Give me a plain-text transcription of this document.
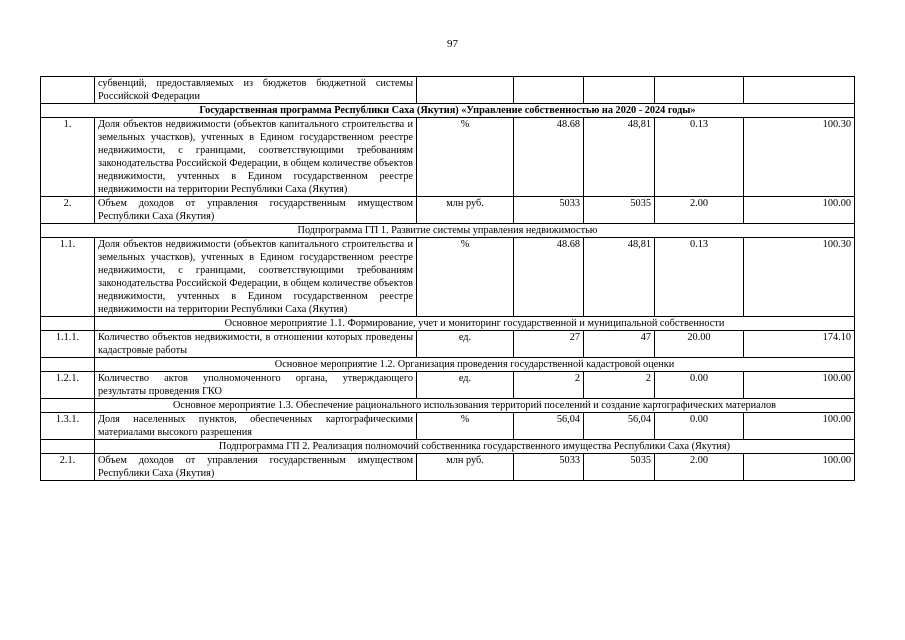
97
	субвенций, предоставляемых из бюджетов бюджетной системы Российской Федерации					
Государственная программа Республики Саха (Якутия) «Управление собственностью на 2020 - 2024 годы»						
1.	Доля объектов недвижимости (объектов капитального строительства и земельных участков), учтенных в Едином государственном реестре недвижимости, с границами, соответствующими требованиям законодательства Российской Федерации, в общем количестве объектов недвижимости, учтенных в Едином государственном реестре недвижимости на территории Республики Саха (Якутия)	%	48.68	48,81	0.13	100.30
2.	Объем доходов от управления государственным имуществом Республики Саха (Якутия)	млн руб.	5033	5035	2.00	100.00
Подпрограмма ГП 1. Развитие системы управления недвижимостью						
1.1.	Доля объектов недвижимости (объектов капитального строительства и земельных участков), учтенных в Едином государственном реестре недвижимости, с границами, соответствующими требованиям законодательства Российской Федерации, в общем количестве объектов недвижимости, учтенных в Едином государственном реестре недвижимости на территории Республики Саха (Якутия)	%	48.68	48,81	0.13	100.30
	Основное мероприятие 1.1. Формирование, учет и мониторинг государственной и муниципальной собственности					
1.1.1.	Количество объектов недвижимости, в отношении которых проведены кадастровые работы	ед.	27	47	20.00	174.10
	Основное мероприятие 1.2. Организация проведения государственной кадастровой оценки					
1.2.1.	Количество актов уполномоченного органа, утверждающего результаты проведения ГКО	ед.	2	2	0.00	100.00
	Основное мероприятие 1.3. Обеспечение рационального использования территорий поселений и создание картографических материалов					
1.3.1.	Доля населенных пунктов, обеспеченных картографическими материалами высокого разрешения	%	56,04	56,04	0.00	100.00
	Подпрограмма ГП 2. Реализация полномочий собственника государственного имущества Республики Саха (Якутия)					
2.1.	Объем доходов от управления государственным имуществом Республики Саха (Якутия)	млн руб.	5033	5035	2.00	100.00
